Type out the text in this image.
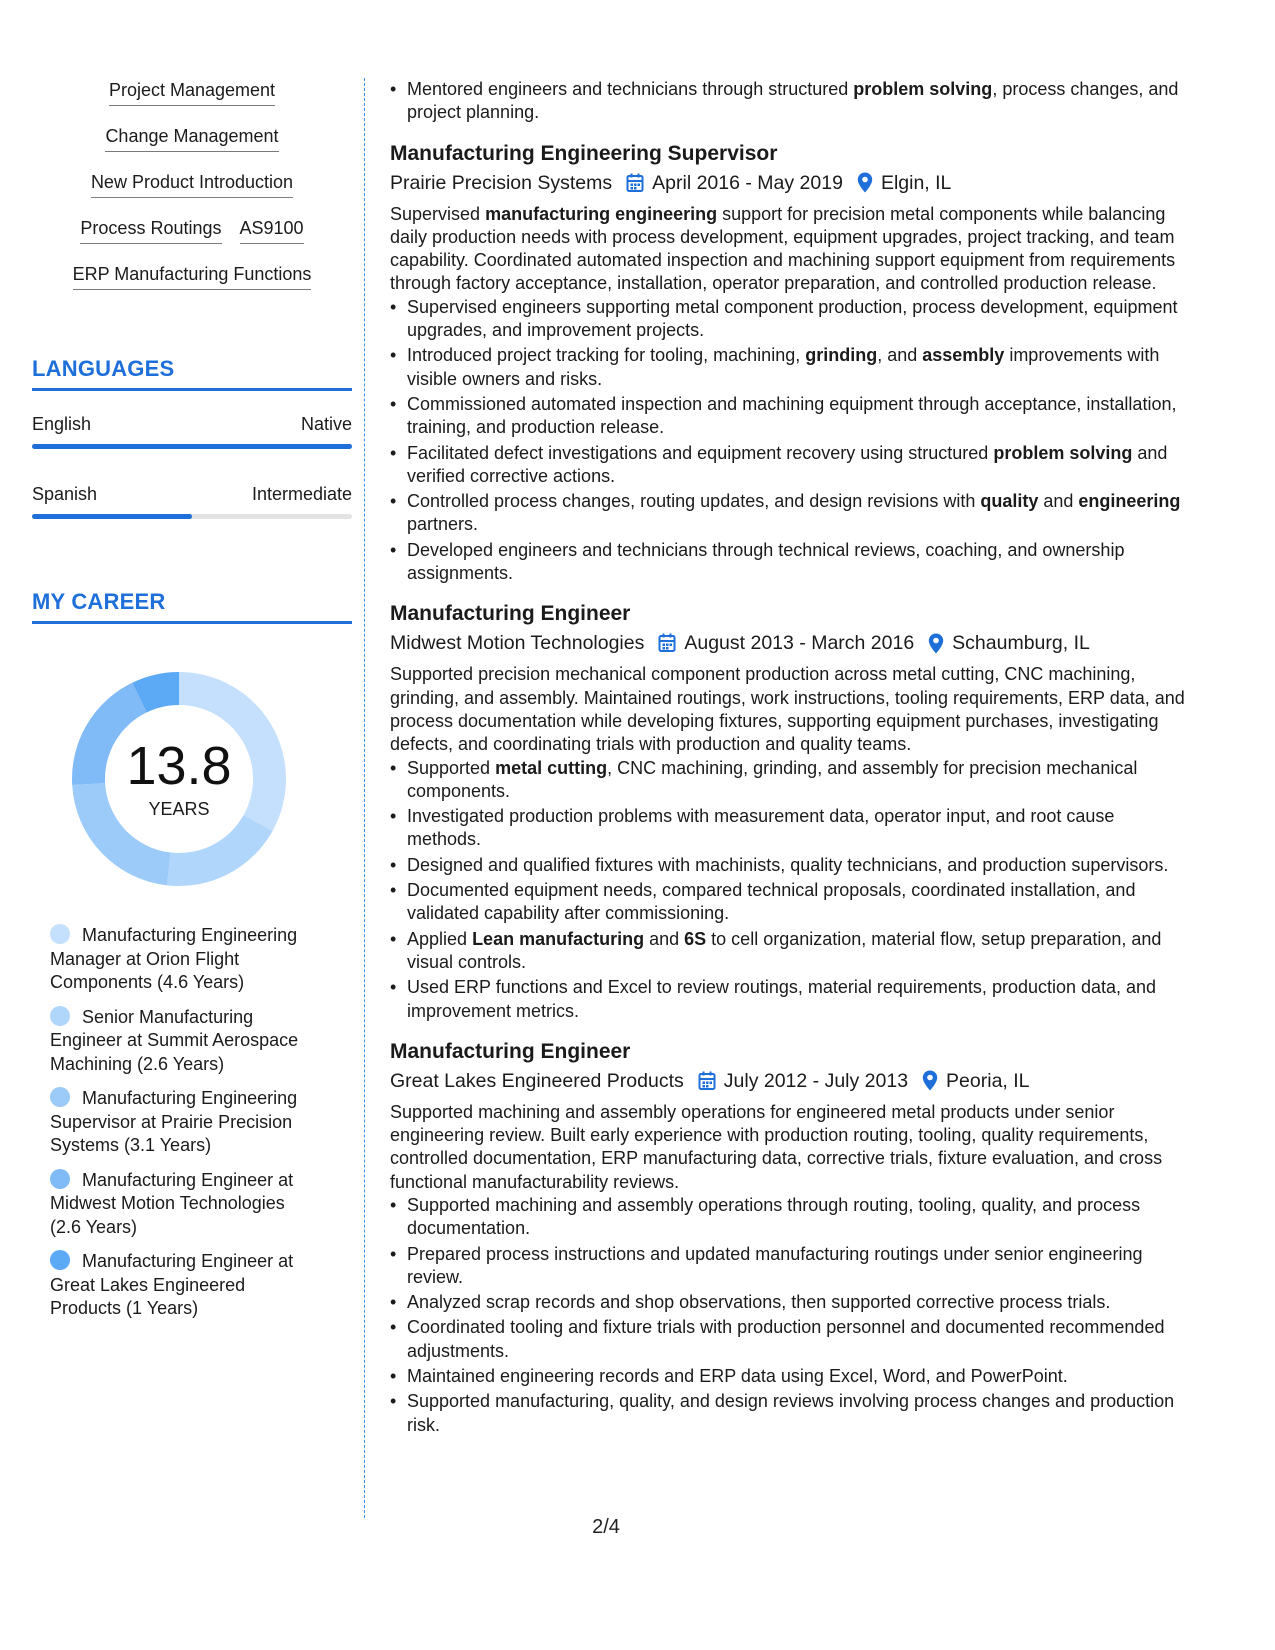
Project Management
Change Management
New Product Introduction
Process Routings AS9100
ERP Manufacturing Functions
LANGUAGES
English	Native
Spanish	Intermediate
MY CAREER
13.8
YEARS
Manufacturing Engineering Manager at Orion Flight Components (4.6 Years)
Senior Manufacturing Engineer at Summit Aerospace Machining (2.6 Years)
Manufacturing Engineering Supervisor at Prairie Precision Systems (3.1 Years)
Manufacturing Engineer at Midwest Motion Technologies (2.6 Years)
Manufacturing Engineer at Great Lakes Engineered Products (1 Years)
• Mentored engineers and technicians through structured problem solving, process changes, and project planning.
Manufacturing Engineering Supervisor
Prairie Precision Systems April 2016 - May 2019 Elgin, IL

Supervised manufacturing engineering support for precision metal components while balancing daily production needs with process development, equipment upgrades, project tracking, and team capability. Coordinated automated inspection and machining support equipment from requirements through factory acceptance, installation, operator preparation, and controlled production release.

• Supervised engineers supporting metal component production, process development, equipment upgrades, and improvement projects.
• Introduced project tracking for tooling, machining, grinding, and assembly improvements with visible owners and risks.
• Commissioned automated inspection and machining equipment through acceptance, installation, training, and production release.
• Facilitated defect investigations and equipment recovery using structured problem solving and verified corrective actions.
• Controlled process changes, routing updates, and design revisions with quality and engineering partners.
• Developed engineers and technicians through technical reviews, coaching, and ownership assignments.
Manufacturing Engineer
Midwest Motion Technologies August 2013 - March 2016 Schaumburg, IL

Supported precision mechanical component production across metal cutting, CNC machining, grinding, and assembly. Maintained routings, work instructions, tooling requirements, ERP data, and process documentation while developing fixtures, supporting equipment purchases, investigating defects, and coordinating trials with production and quality teams.

• Supported metal cutting, CNC machining, grinding, and assembly for precision mechanical components.
• Investigated production problems with measurement data, operator input, and root cause methods.
• Designed and qualified fixtures with machinists, quality technicians, and production supervisors.
• Documented equipment needs, compared technical proposals, coordinated installation, and validated capability after commissioning.
• Applied Lean manufacturing and 6S to cell organization, material flow, setup preparation, and visual controls.
• Used ERP functions and Excel to review routings, material requirements, production data, and improvement metrics.
Manufacturing Engineer
Great Lakes Engineered Products July 2012 - July 2013 Peoria, IL

Supported machining and assembly operations for engineered metal products under senior engineering review. Built early experience with production routing, tooling, quality requirements, controlled documentation, ERP manufacturing data, corrective trials, fixture evaluation, and cross functional manufacturability reviews.

• Supported machining and assembly operations through routing, tooling, quality, and process documentation.
• Prepared process instructions and updated manufacturing routings under senior engineering review.
• Analyzed scrap records and shop observations, then supported corrective process trials.
• Coordinated tooling and fixture trials with production personnel and documented recommended adjustments.
• Maintained engineering records and ERP data using Excel, Word, and PowerPoint.
• Supported manufacturing, quality, and design reviews involving process changes and production risk.
2/4
